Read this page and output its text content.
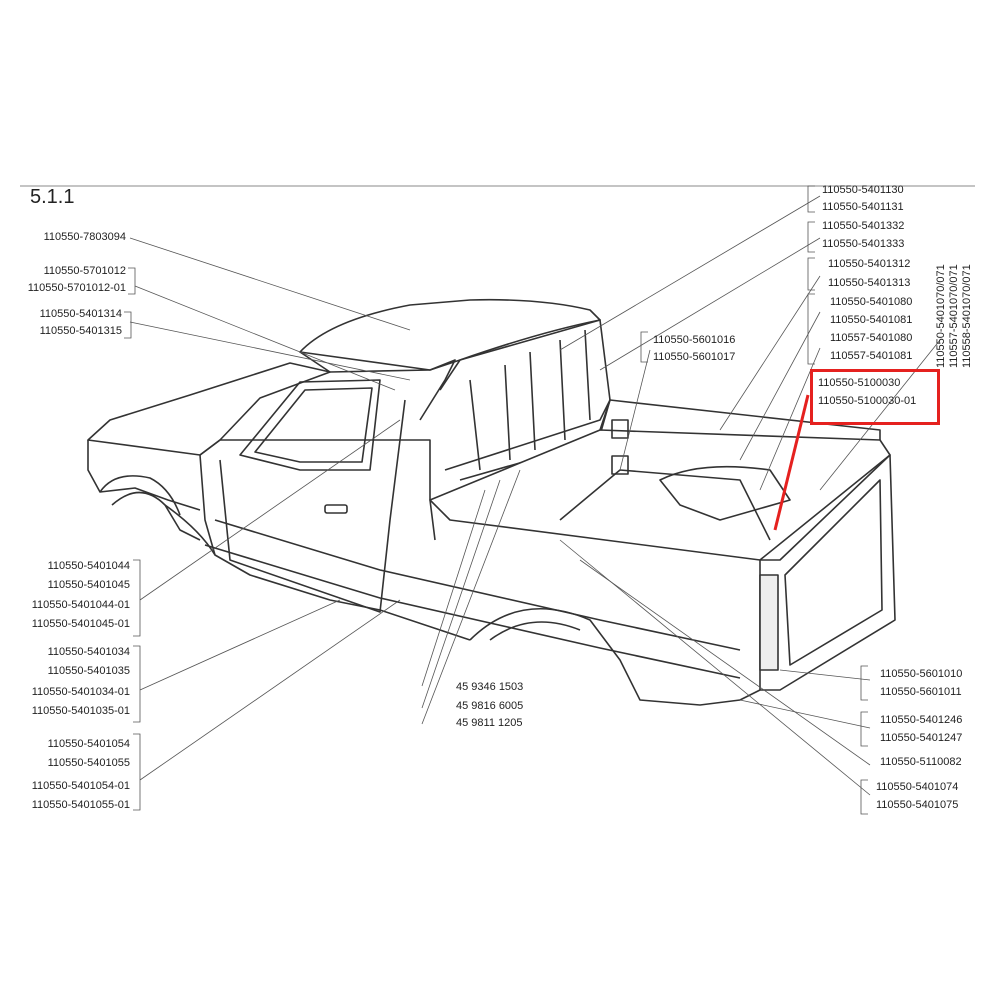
5.1.1
110550-7803094
110550-5701012
110550-5701012-01
110550-5401314
110550-5401315
110550-5401044
110550-5401045
110550-5401044-01
110550-5401045-01
110550-5401034
110550-5401035
110550-5401034-01
110550-5401035-01
110550-5401054
110550-5401055
110550-5401054-01
110550-5401055-01
45 9346 1503
45 9816 6005
45 9811 1205
110550-5601016
110550-5601017
110550-5401130
110550-5401131
110550-5401332
110550-5401333
110550-5401312
110550-5401313
110550-5401080
110550-5401081
110557-5401080
110557-5401081
110550-5100030
110550-5100030-01
110550-5601010
110550-5601011
110550-5401246
110550-5401247
110550-5110082
110550-5401074
110550-5401075
110550-5401070/071 110557-5401070/071 110558-5401070/071
